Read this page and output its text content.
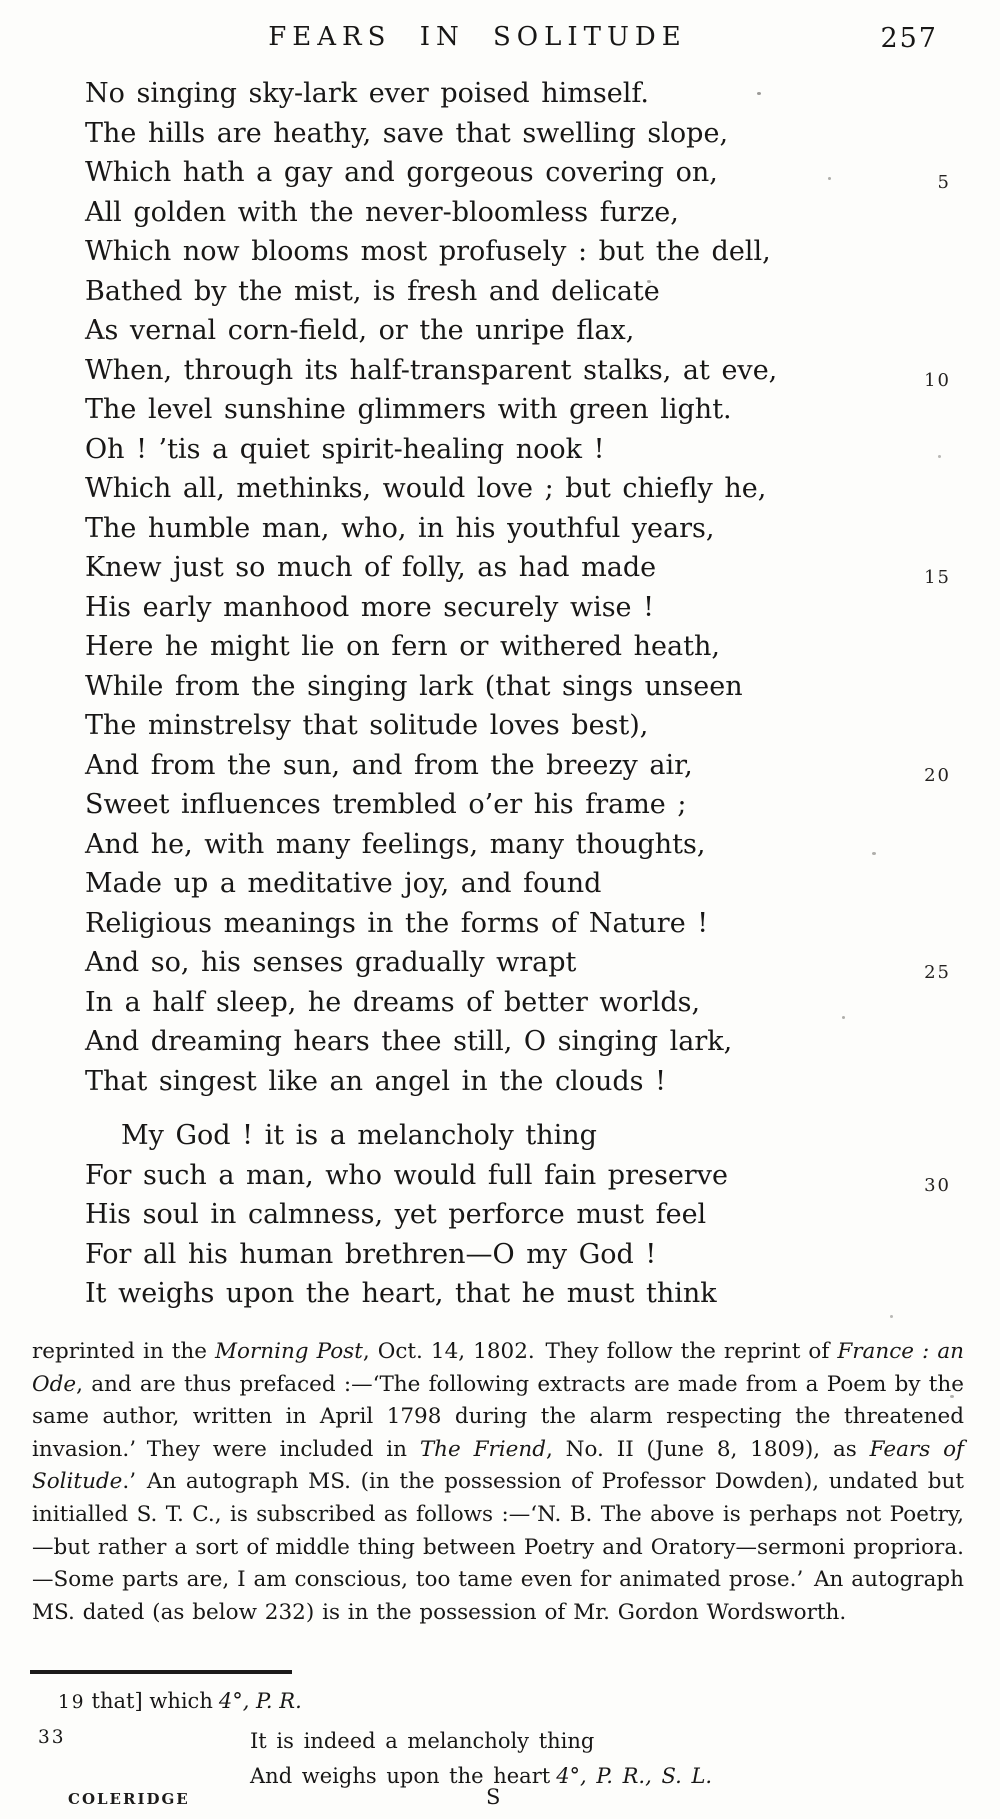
FEARS IN SOLITUDE	257
No singing sky-lark ever poised himself.
The hills are heathy, save that swelling slope,
Which hath a gay and gorgeous covering on,	5
All golden with the never-bloomless furze,
Which now blooms most profusely : but the dell,
Bathed by the mist, is fresh and delicate
As vernal corn-field, or the unripe flax,
When, through its half-transparent stalks, at eve,	10
The level sunshine glimmers with green light.
Oh ! ’tis a quiet spirit-healing nook !
Which all, methinks, would love ; but chiefly he,
The humble man, who, in his youthful years,
Knew just so much of folly, as had made	15
His early manhood more securely wise !
Here he might lie on fern or withered heath,
While from the singing lark (that sings unseen
The minstrelsy that solitude loves best),
And from the sun, and from the breezy air,	20
Sweet influences trembled o’er his frame ;
And he, with many feelings, many thoughts,
Made up a meditative joy, and found
Religious meanings in the forms of Nature !
And so, his senses gradually wrapt	25
In a half sleep, he dreams of better worlds,
And dreaming hears thee still, O singing lark,
That singest like an angel in the clouds !
My God ! it is a melancholy thing
For such a man, who would full fain preserve	30
His soul in calmness, yet perforce must feel
For all his human brethren—O my God !
It weighs upon the heart, that he must think
reprinted in the Morning Post, Oct. 14, 1802. They follow the reprint of France : an Ode, and are thus prefaced :—‘The following extracts are made from a Poem by the same author, written in April 1798 during the alarm respecting the threatened invasion.’ They were included in The Friend, No. II (June 8, 1809), as Fears of Solitude.’ An autograph MS. (in the possession of Professor Dowden), undated but initialled S. T. C., is subscribed as follows :—‘N. B. The above is perhaps not Poetry,—but rather a sort of middle thing between Poetry and Oratory—sermoni propriora.—Some parts are, I am conscious, too tame even for animated prose.’ An autograph MS. dated (as below 232) is in the possession of Mr. Gordon Wordsworth.
19 that] which 4°, P. R.
33	It is indeed a melancholy thing
And weighs upon the heart 4°, P. R., S. L.
COLERIDGE	S
